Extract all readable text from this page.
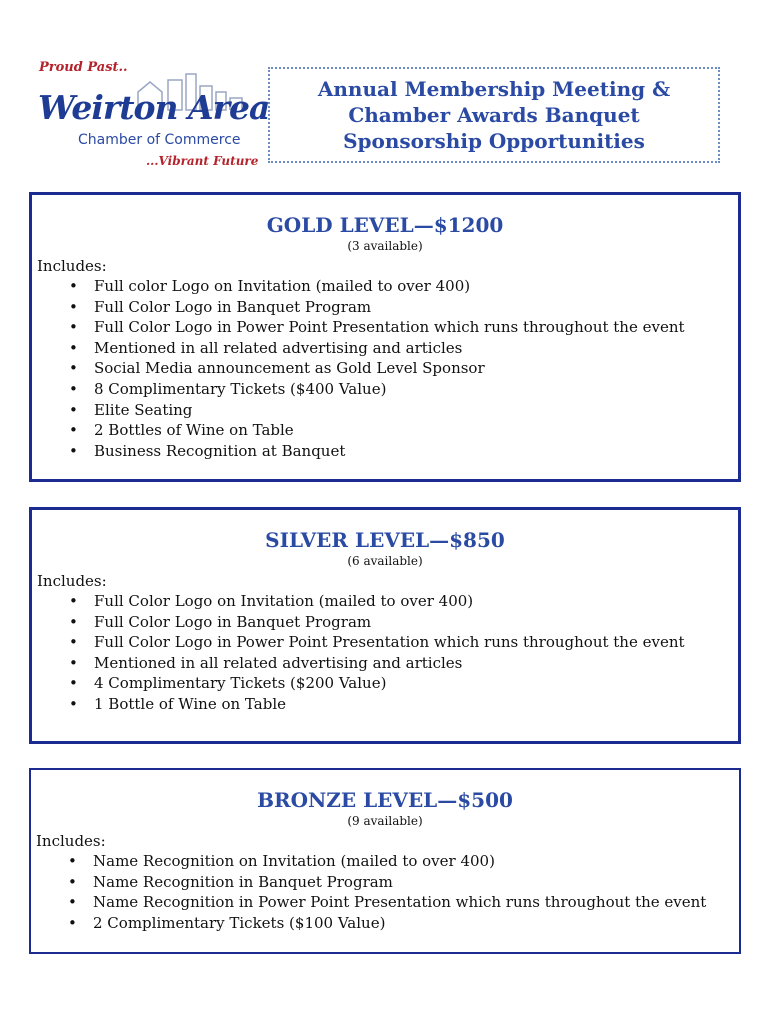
Proud Past..
Weirton Area
Chamber of Commerce
...Vibrant Future
Annual Membership Meeting &
Chamber Awards Banquet
Sponsorship Opportunities
GOLD LEVEL—$1200
(3 available)
Includes:
• Full color Logo on Invitation (mailed to over 400)
• Full Color Logo in Banquet Program
• Full Color Logo in Power Point Presentation which runs throughout the event
• Mentioned in all related advertising and articles
• Social Media announcement as Gold Level Sponsor
• 8 Complimentary Tickets ($400 Value)
• Elite Seating
• 2 Bottles of Wine on Table
• Business Recognition at Banquet
SILVER LEVEL—$850
(6 available)
Includes:
• Full Color Logo on Invitation (mailed to over 400)
• Full Color Logo in Banquet Program
• Full Color Logo in Power Point Presentation which runs throughout the event
• Mentioned in all related advertising and articles
• 4 Complimentary Tickets ($200 Value)
• 1 Bottle of Wine on Table
BRONZE LEVEL—$500
(9 available)
Includes:
• Name Recognition on Invitation (mailed to over 400)
• Name Recognition in Banquet Program
• Name Recognition in Power Point Presentation which runs throughout the event
• 2 Complimentary Tickets ($100 Value)
